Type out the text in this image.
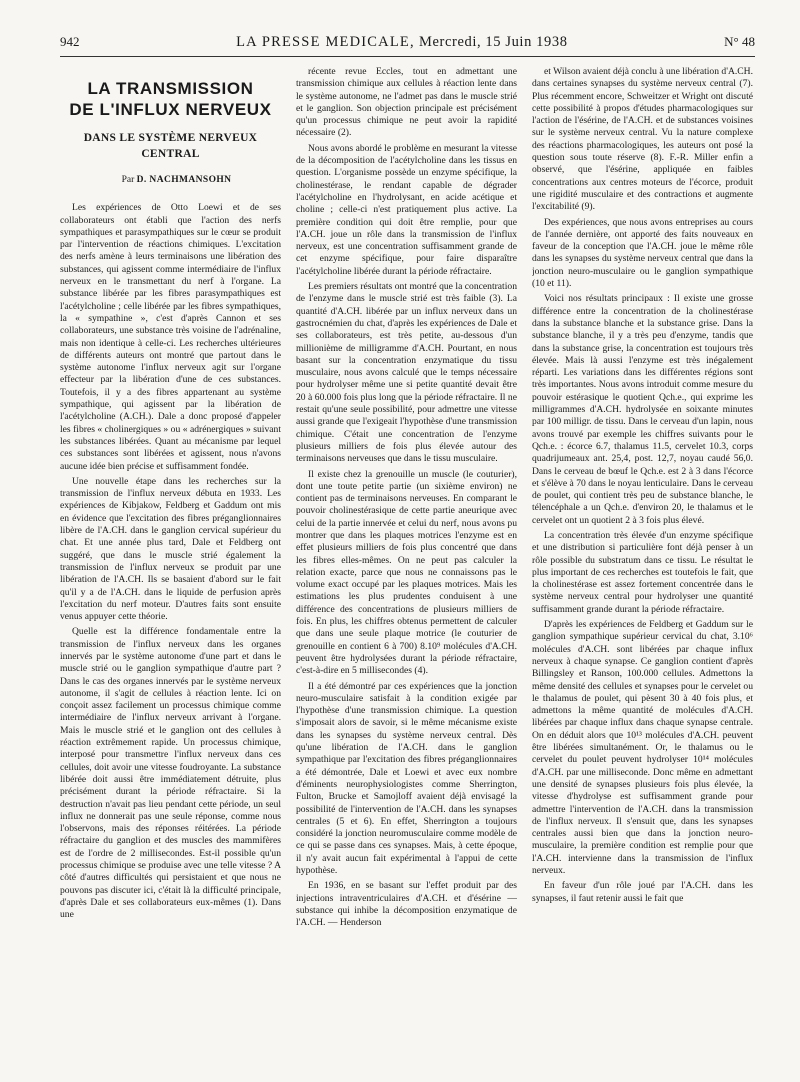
942	LA PRESSE MEDICALE, Mercredi, 15 Juin 1938	N° 48
LA TRANSMISSION
DE L'INFLUX NERVEUX
DANS LE SYSTÈME NERVEUX
CENTRAL

Par D. NACHMANSOHN

Les expériences de Otto Loewi et de ses collaborateurs ont établi que l'action des nerfs sympathiques et parasympathiques sur le cœur se produit par l'intervention de réactions chimiques. L'excitation des nerfs amène à leurs terminaisons une libération des substances, qui agissent comme intermédiaire de l'influx nerveux en le transmettant du nerf à l'organe. La substance libérée par les fibres parasympathiques est l'acétylcholine ; celle libérée par les fibres sympathiques, la « sympathine », c'est d'après Cannon et ses collaborateurs, une substance très voisine de l'adrénaline, mais non identique à celle-ci. Les recherches ultérieures de différents auteurs ont montré que partout dans le système autonome l'influx nerveux agit sur l'organe effecteur par la libération d'une de ces substances. Toutefois, il y a des fibres appartenant au système sympathique, qui agissent par la libération de l'acétylcholine (A.CH.). Dale a donc proposé d'appeler les fibres « cholinergiques » ou « adrénergiques » suivant les substances libérées. Quant au mécanisme par lequel ces substances sont libérées et agissent, nous n'avons aucune idée bien précise et suffisamment fondée.

Une nouvelle étape dans les recherches sur la transmission de l'influx nerveux débuta en 1933. Les expériences de Kibjakow, Feldberg et Gaddum ont mis en évidence que l'excitation des fibres préganglionnaires libère de l'A.CH. dans le ganglion cervical supérieur du chat. Et une année plus tard, Dale et Feldberg ont suggéré, que dans le muscle strié également la transmission de l'influx nerveux se produit par une libération de l'A.CH. Ils se basaient d'abord sur le fait qu'il y a de l'A.CH. dans le liquide de perfusion après l'excitation du nerf moteur. D'autres faits sont ensuite venus appuyer cette théorie.

Quelle est la différence fondamentale entre la transmission de l'influx nerveux dans les organes innervés par le système autonome d'une part et dans le muscle strié ou le ganglion sympathique d'autre part ? Dans le cas des organes innervés par le système nerveux autonome, il s'agit de cellules à réaction lente. Ici on conçoit assez facilement un processus chimique comme intermédiaire de l'influx nerveux arrivant à l'organe. Mais le muscle strié et le ganglion ont des cellules à réaction extrêmement rapide. Un processus chimique, interposé pour transmettre l'influx nerveux dans ces cellules, doit avoir une vitesse foudroyante. La substance libérée doit aussi être immédiatement détruite, plus précisément durant la période réfractaire. Si la destruction n'avait pas lieu pendant cette période, un seul influx ne donnerait pas une seule réponse, comme nous l'observons, mais des réponses réitérées. La période réfractaire du ganglion et des muscles des mammifères est de l'ordre de 2 millisecondes. Est-il possible qu'un processus chimique se produise avec une telle vitesse ? A côté d'autres difficultés qui persistaient et que nous ne pouvons pas discuter ici, c'était là la difficulté principale, d'après Dale et ses collaborateurs eux-mêmes (1). Dans une

récente revue Eccles, tout en admettant une transmission chimique aux cellules à réaction lente dans le système autonome, ne l'admet pas dans le muscle strié et le ganglion. Son objection principale est précisément qu'un processus chimique ne peut avoir la rapidité nécessaire (2).

Nous avons abordé le problème en mesurant la vitesse de la décomposition de l'acétylcholine dans les tissus en question. L'organisme possède un enzyme spécifique, la cholinestérase, le rendant capable de dégrader l'acétylcholine en l'hydrolysant, en acide acétique et choline ; celle-ci n'est pratiquement plus active. La première condition qui doit être remplie, pour que l'A.CH. joue un rôle dans la transmission de l'influx nerveux, est une concentration suffisamment grande de cet enzyme spécifique, pour faire disparaître l'acétylcholine libérée durant la période réfractaire.

Les premiers résultats ont montré que la concentration de l'enzyme dans le muscle strié est très faible (3). La quantité d'A.CH. libérée par un influx nerveux dans un gastrocnémien du chat, d'après les expériences de Dale et ses collaborateurs, est très petite, au-dessous d'un millionième de milligramme d'A.CH. Pourtant, en nous basant sur la concentration enzymatique du tissu musculaire, nous avons calculé que le temps nécessaire pour hydrolyser même une si petite quantité devait être 20 à 60.000 fois plus long que la période réfractaire. Il ne restait qu'une seule possibilité, pour admettre une vitesse aussi grande que l'exigeait l'hypothèse d'une transmission chimique. C'était une concentration de l'enzyme plusieurs milliers de fois plus élevée autour des terminaisons nerveuses que dans le tissu musculaire.

Il existe chez la grenouille un muscle (le couturier), dont une toute petite partie (un sixième environ) ne contient pas de terminaisons nerveuses. En comparant le pouvoir cholinestérasique de cette partie aneurique avec celui de la partie innervée et celui du nerf, nous avons pu montrer que dans les plaques motrices l'enzyme est en effet plusieurs milliers de fois plus concentré que dans les fibres elles-mêmes. On ne peut pas calculer la relation exacte, parce que nous ne connaissons pas le volume exact occupé par les plaques motrices. Mais les estimations les plus prudentes conduisent à une différence des concentrations de plusieurs milliers de fois. En plus, les chiffres obtenus permettent de calculer que dans une seule plaque motrice (le couturier de grenouille en contient 6 à 700) 8.10⁹ molécules d'A.CH. peuvent être hydrolysées durant la période réfractaire, c'est-à-dire en 5 millisecondes (4).

Il a été démontré par ces expériences que la jonction neuro-musculaire satisfait à la condition exigée par l'hypothèse d'une transmission chimique. La question s'imposait alors de savoir, si le même mécanisme existe dans les synapses du système nerveux central. Dès qu'une libération de l'A.CH. dans le ganglion sympathique par l'excitation des fibres préganglionnaires a été démontrée, Dale et Loewi et avec eux nombre d'éminents neurophysiologistes comme Sherrington, Fulton, Brucke et Samojloff avaient déjà envisagé la possibilité de l'intervention de l'A.CH. dans les synapses centrales (5 et 6). En effet, Sherrington a toujours considéré la jonction neuromusculaire comme modèle de ce qui se passe dans ces synapses. Mais, à cette époque, il n'y avait aucun fait expérimental à l'appui de cette hypothèse.

En 1936, en se basant sur l'effet produit par des injections intraventriculaires d'A.CH. et d'ésérine — substance qui inhibe la décomposition enzymatique de l'A.CH. — Henderson

et Wilson avaient déjà conclu à une libération d'A.CH. dans certaines synapses du système nerveux central (7). Plus récemment encore, Schweitzer et Wright ont discuté cette possibilité à propos d'études pharmacologiques sur l'action de l'ésérine, de l'A.CH. et de substances voisines sur le système nerveux central. Vu la nature complexe des réactions pharmacologiques, les auteurs ont posé la question sous toute réserve (8). F.-R. Miller enfin a observé, que l'ésérine, appliquée en faibles concentrations aux centres moteurs de l'écorce, produit une rigidité musculaire et des contractions et augmente l'excitabilité (9).

Des expériences, que nous avons entreprises au cours de l'année dernière, ont apporté des faits nouveaux en faveur de la conception que l'A.CH. joue le même rôle dans les synapses du système nerveux central que dans la jonction neuro-musculaire ou le ganglion sympathique (10 et 11).

Voici nos résultats principaux : Il existe une grosse différence entre la concentration de la cholinestérase dans la substance blanche et la substance grise. Dans la substance blanche, il y a très peu d'enzyme, tandis que dans la substance grise, la concentration est toujours très élevée. Mais là aussi l'enzyme est très inégalement réparti. Les variations dans les différentes régions sont très importantes. Nous avons introduit comme mesure du pouvoir estérasique le quotient Qch.e., qui exprime les milligrammes d'A.CH. hydrolysée en soixante minutes par 100 milligr. de tissu. Dans le cerveau d'un lapin, nous avons trouvé par exemple les chiffres suivants pour le Qch.e. : écorce 6.7, thalamus 11.5, cervelet 10.3, corps quadrijumeaux ant. 25,4, post. 12,7, noyau caudé 56,0. Dans le cerveau de bœuf le Qch.e. est 2 à 3 dans l'écorce et s'élève à 70 dans le noyau lenticulaire. Dans le cerveau de poulet, qui contient très peu de substance blanche, le télencéphale a un Qch.e. d'environ 20, le thalamus et le cervelet ont un quotient 2 à 3 fois plus élevé.

La concentration très élevée d'un enzyme spécifique et une distribution si particulière font déjà penser à un rôle possible du substratum dans ce tissu. Le résultat le plus important de ces recherches est toutefois le fait, que la cholinestérase est assez fortement concentrée dans le système nerveux central pour hydrolyser une quantité suffisamment grande durant la période réfractaire.

D'après les expériences de Feldberg et Gaddum sur le ganglion sympathique supérieur cervical du chat, 3.10⁶ molécules d'A.CH. sont libérées par chaque influx nerveux à chaque synapse. Ce ganglion contient d'après Billingsley et Ranson, 100.000 cellules. Admettons la même densité des cellules et synapses pour le cervelet ou le thalamus de poulet, qui pèsent 30 à 40 fois plus, et admettons la même quantité de molécules d'A.CH. libérées par chaque influx dans chaque synapse centrale. On en déduit alors que 10¹³ molécules d'A.CH. peuvent être libérées simultanément. Or, le thalamus ou le cervelet du poulet peuvent hydrolyser 10¹⁴ molécules d'A.CH. par une milliseconde. Donc même en admettant une densité de synapses plusieurs fois plus élevée, la vitesse d'hydrolyse est suffisamment grande pour admettre l'intervention de l'A.CH. dans la transmission de l'influx nerveux. Il s'ensuit que, dans les synapses centrales aussi bien que dans la jonction neuro-musculaire, la première condition est remplie pour que l'A.CH. intervienne dans la transmission de l'influx nerveux.

En faveur d'un rôle joué par l'A.CH. dans les synapses, il faut retenir aussi le fait que
